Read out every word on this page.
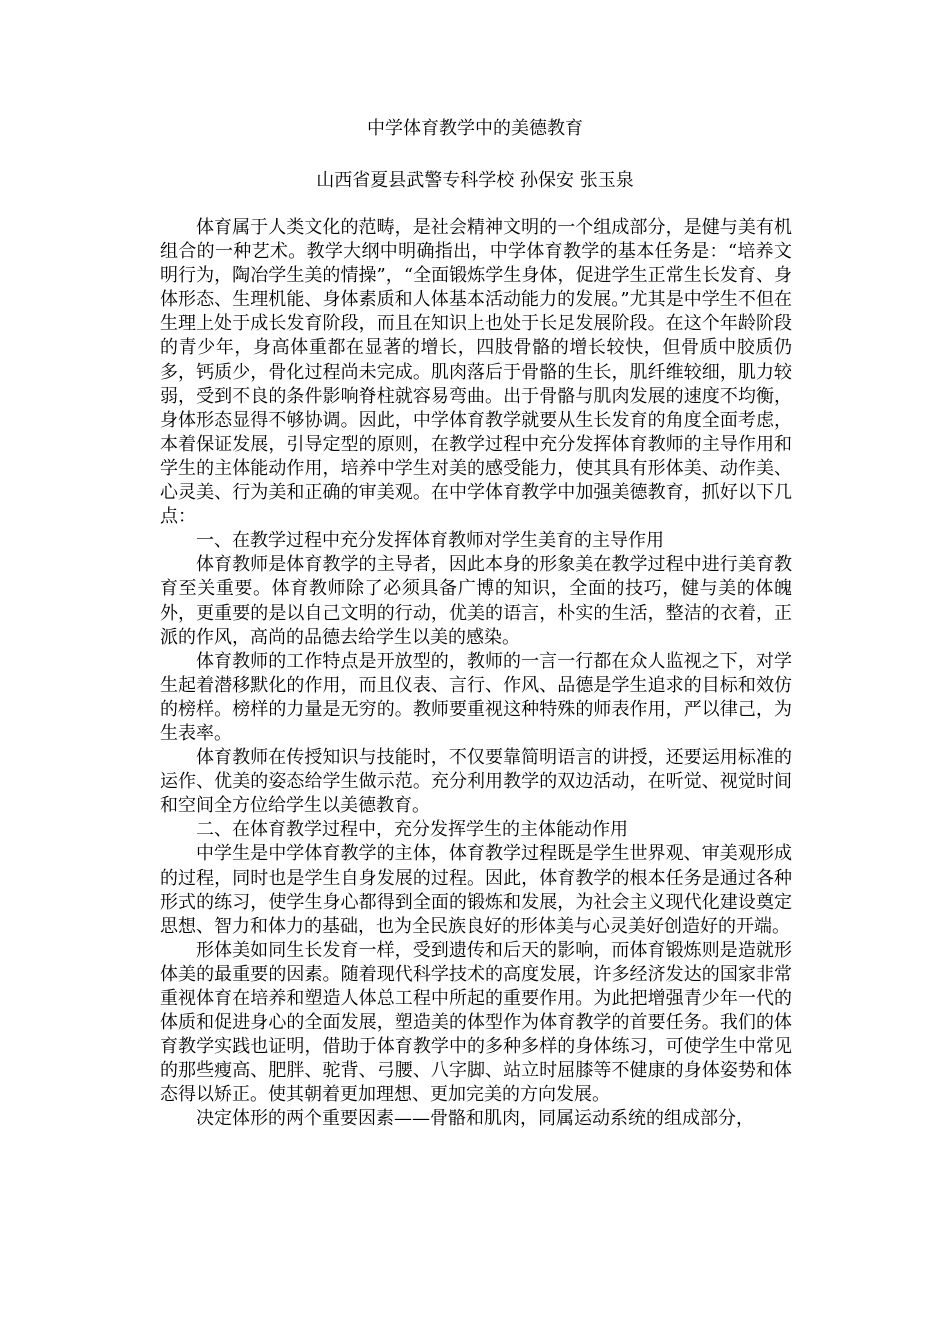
中学体育教学中的美德教育

山西省夏县武警专科学校 孙保安 张玉泉

体育属于人类文化的范畴，是社会精神文明的一个组成部分，是健与美有机组合的一种艺术。教学大纲中明确指出，中学体育教学的基本任务是：“培养文明行为，陶冶学生美的情操”，“全面锻炼学生身体，促进学生正常生长发育、身体形态、生理机能、身体素质和人体基本活动能力的发展。”尤其是中学生不但在生理上处于成长发育阶段，而且在知识上也处于长足发展阶段。在这个年龄阶段的青少年，身高体重都在显著的增长，四肢骨骼的增长较快，但骨质中胶质仍多，钙质少，骨化过程尚未完成。肌肉落后于骨骼的生长，肌纤维较细，肌力较弱，受到不良的条件影响脊柱就容易弯曲。出于骨骼与肌肉发展的速度不均衡，身体形态显得不够协调。因此，中学体育教学就要从生长发育的角度全面考虑，本着保证发展，引导定型的原则，在教学过程中充分发挥体育教师的主导作用和学生的主体能动作用，培养中学生对美的感受能力，使其具有形体美、动作美、心灵美、行为美和正确的审美观。在中学体育教学中加强美德教育，抓好以下几点：

一、在教学过程中充分发挥体育教师对学生美育的主导作用

体育教师是体育教学的主导者，因此本身的形象美在教学过程中进行美育教育至关重要。体育教师除了必须具备广博的知识，全面的技巧，健与美的体魄外，更重要的是以自己文明的行动，优美的语言，朴实的生活，整洁的衣着，正派的作风，高尚的品德去给学生以美的感染。

体育教师的工作特点是开放型的，教师的一言一行都在众人监视之下，对学生起着潜移默化的作用，而且仪表、言行、作风、品德是学生追求的目标和效仿的榜样。榜样的力量是无穷的。教师要重视这种特殊的师表作用，严以律己，为生表率。

体育教师在传授知识与技能时，不仅要靠简明语言的讲授，还要运用标准的运作、优美的姿态给学生做示范。充分利用教学的双边活动，在听觉、视觉时间和空间全方位给学生以美德教育。

二、在体育教学过程中，充分发挥学生的主体能动作用

中学生是中学体育教学的主体，体育教学过程既是学生世界观、审美观形成的过程，同时也是学生自身发展的过程。因此，体育教学的根本任务是通过各种形式的练习，使学生身心都得到全面的锻炼和发展，为社会主义现代化建设奠定思想、智力和体力的基础，也为全民族良好的形体美与心灵美好创造好的开端。

形体美如同生长发育一样，受到遗传和后天的影响，而体育锻炼则是造就形体美的最重要的因素。随着现代科学技术的高度发展，许多经济发达的国家非常重视体育在培养和塑造人体总工程中所起的重要作用。为此把增强青少年一代的体质和促进身心的全面发展，塑造美的体型作为体育教学的首要任务。我们的体育教学实践也证明，借助于体育教学中的多种多样的身体练习，可使学生中常见的那些瘦高、肥胖、驼背、弓腰、八字脚、站立时屈膝等不健康的身体姿势和体态得以矫正。使其朝着更加理想、更加完美的方向发展。

决定体形的两个重要因素——骨骼和肌肉，同属运动系统的组成部分，
